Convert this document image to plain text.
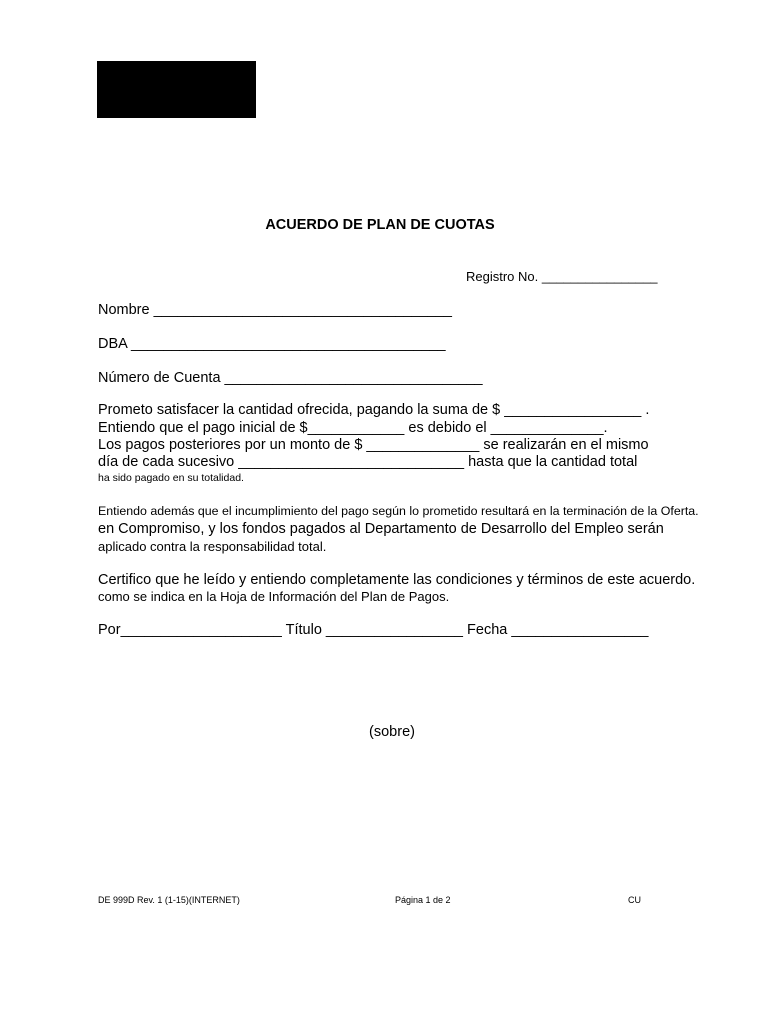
ACUERDO DE PLAN DE CUOTAS
Registro No. ________________
Nombre _____________________________________
DBA _______________________________________
Número de Cuenta ________________________________
Prometo satisfacer la cantidad ofrecida, pagando la suma de $ _________________ .
Entiendo que el pago inicial de $____________ es debido el ______________.
Los pagos posteriores por un monto de $ ______________ se realizarán en el mismo
día de cada sucesivo ____________________________ hasta que la cantidad total
ha sido pagado en su totalidad.
Entiendo además que el incumplimiento del pago según lo prometido resultará en la terminación de la Oferta.
en Compromiso, y los fondos pagados al Departamento de Desarrollo del Empleo serán
aplicado contra la responsabilidad total.
Certifico que he leído y entiendo completamente las condiciones y términos de este acuerdo.
como se indica en la Hoja de Información del Plan de Pagos.
Por____________________ Título _________________ Fecha _________________
(sobre)
DE 999D Rev. 1 (1-15)(INTERNET)	Página 1 de 2	CU
